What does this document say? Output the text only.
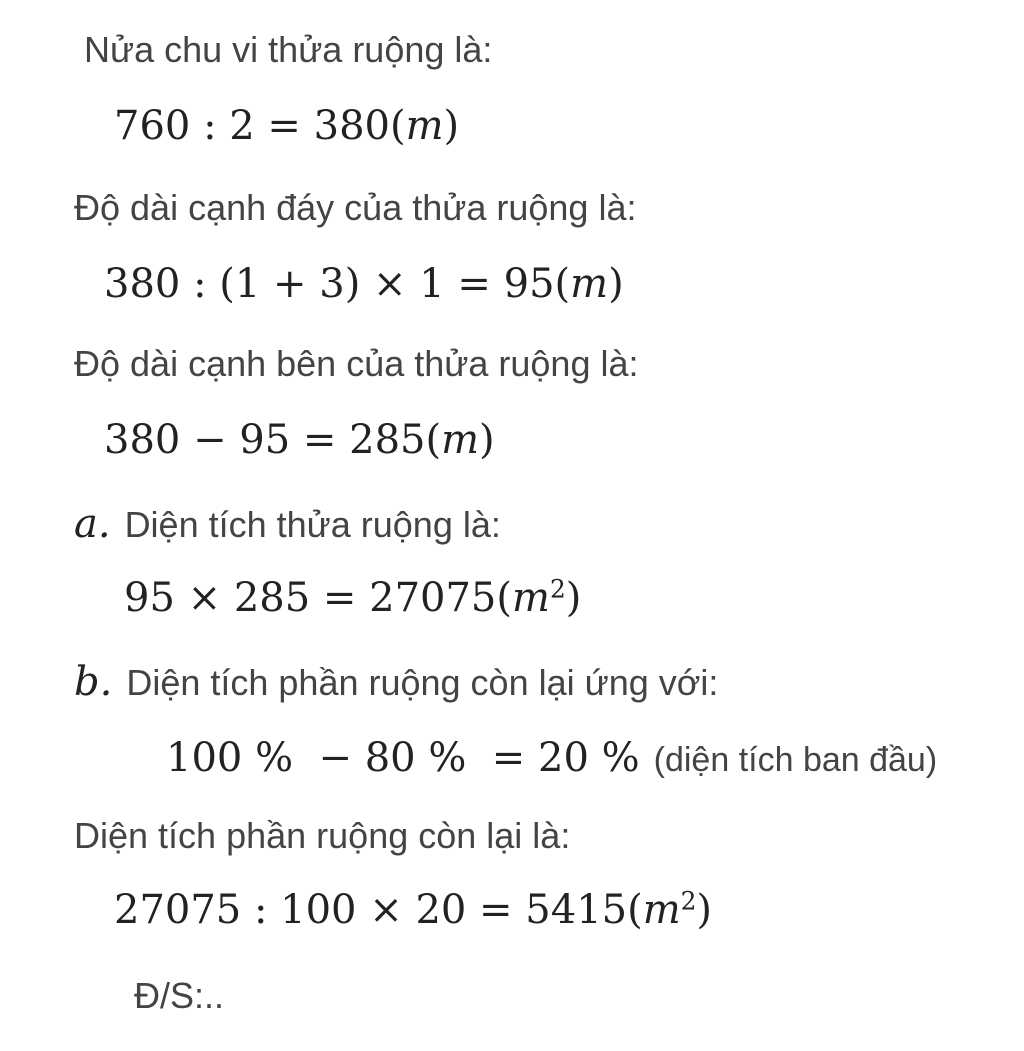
Nửa chu vi thửa ruộng là:
760 : 2 = 380(m)
Độ dài cạnh đáy của thửa ruộng là:
380 : (1 + 3) × 1 = 95(m)
Độ dài cạnh bên của thửa ruộng là:
380 − 95 = 285(m)
a. Diện tích thửa ruộng là:
$95 \times 285 = 27075(m^2)$
b. Diện tích phần ruộng còn lại ứng với:
100 %  − 80 %  = 20 % (diện tích ban đầu)
Diện tích phần ruộng còn lại là:
27075 : $100 \times 20 = 5415(m^2)$
Đ/S:..
